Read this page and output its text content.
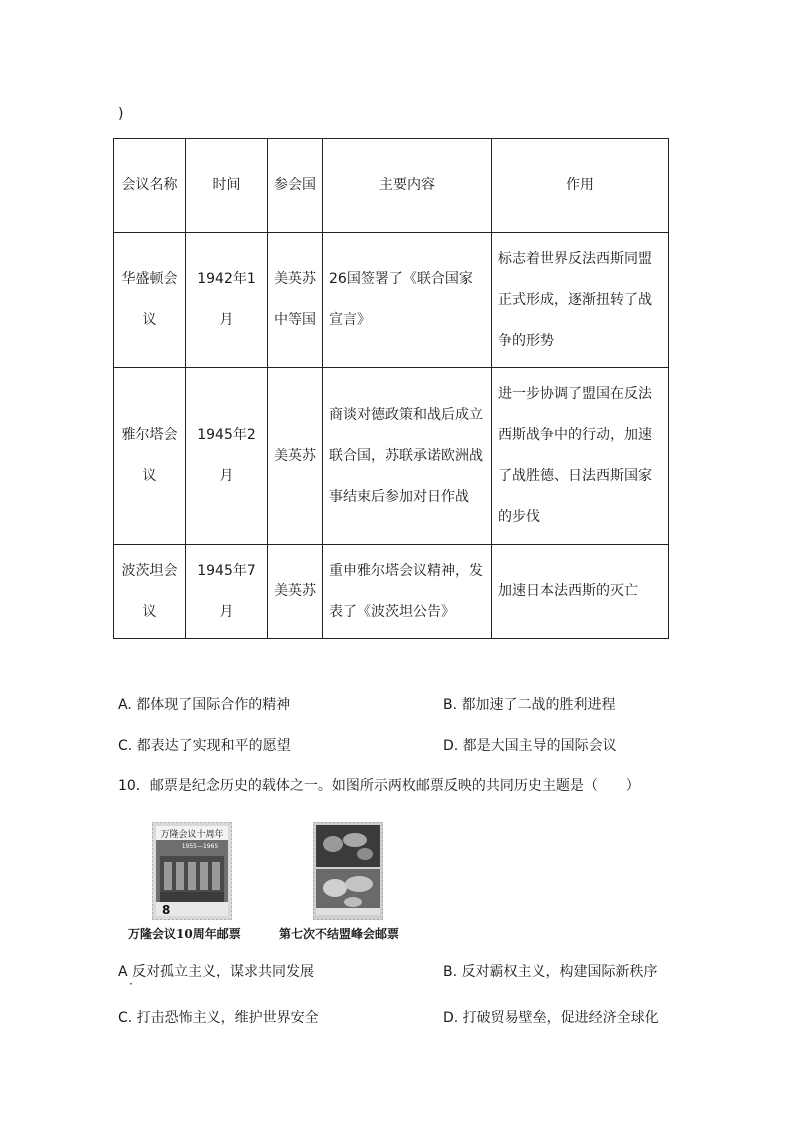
)
会议名称	时间	参会国	主要内容	作用
华盛顿会议	1942年1月	美英苏中等国	26国签署了《联合国家宣言》	标志着世界反法西斯同盟正式形成，逐渐扭转了战争的形势
雅尔塔会议	1945年2月	美英苏	商谈对德政策和战后成立联合国，苏联承诺欧洲战事结束后参加对日作战	进一步协调了盟国在反法西斯战争中的行动，加速了战胜德、日法西斯国家的步伐
波茨坦会议	1945年7月	美英苏	重申雅尔塔会议精神，发表了《波茨坦公告》	加速日本法西斯的灭亡
A. 都体现了国际合作的精神	B. 都加速了二战的胜利进程
C. 都表达了实现和平的愿望	D. 都是大国主导的国际会议
10．邮票是纪念历史的载体之一。如图所示两枚邮票反映的共同历史主题是（　　）
万隆会议十周年
1955—1965
8
万隆会议10周年邮票	第七次不结盟峰会邮票
A 反对孤立主义，谋求共同发展
·
B. 反对霸权主义，构建国际新秩序
C. 打击恐怖主义，维护世界安全	D. 打破贸易壁垒，促进经济全球化
